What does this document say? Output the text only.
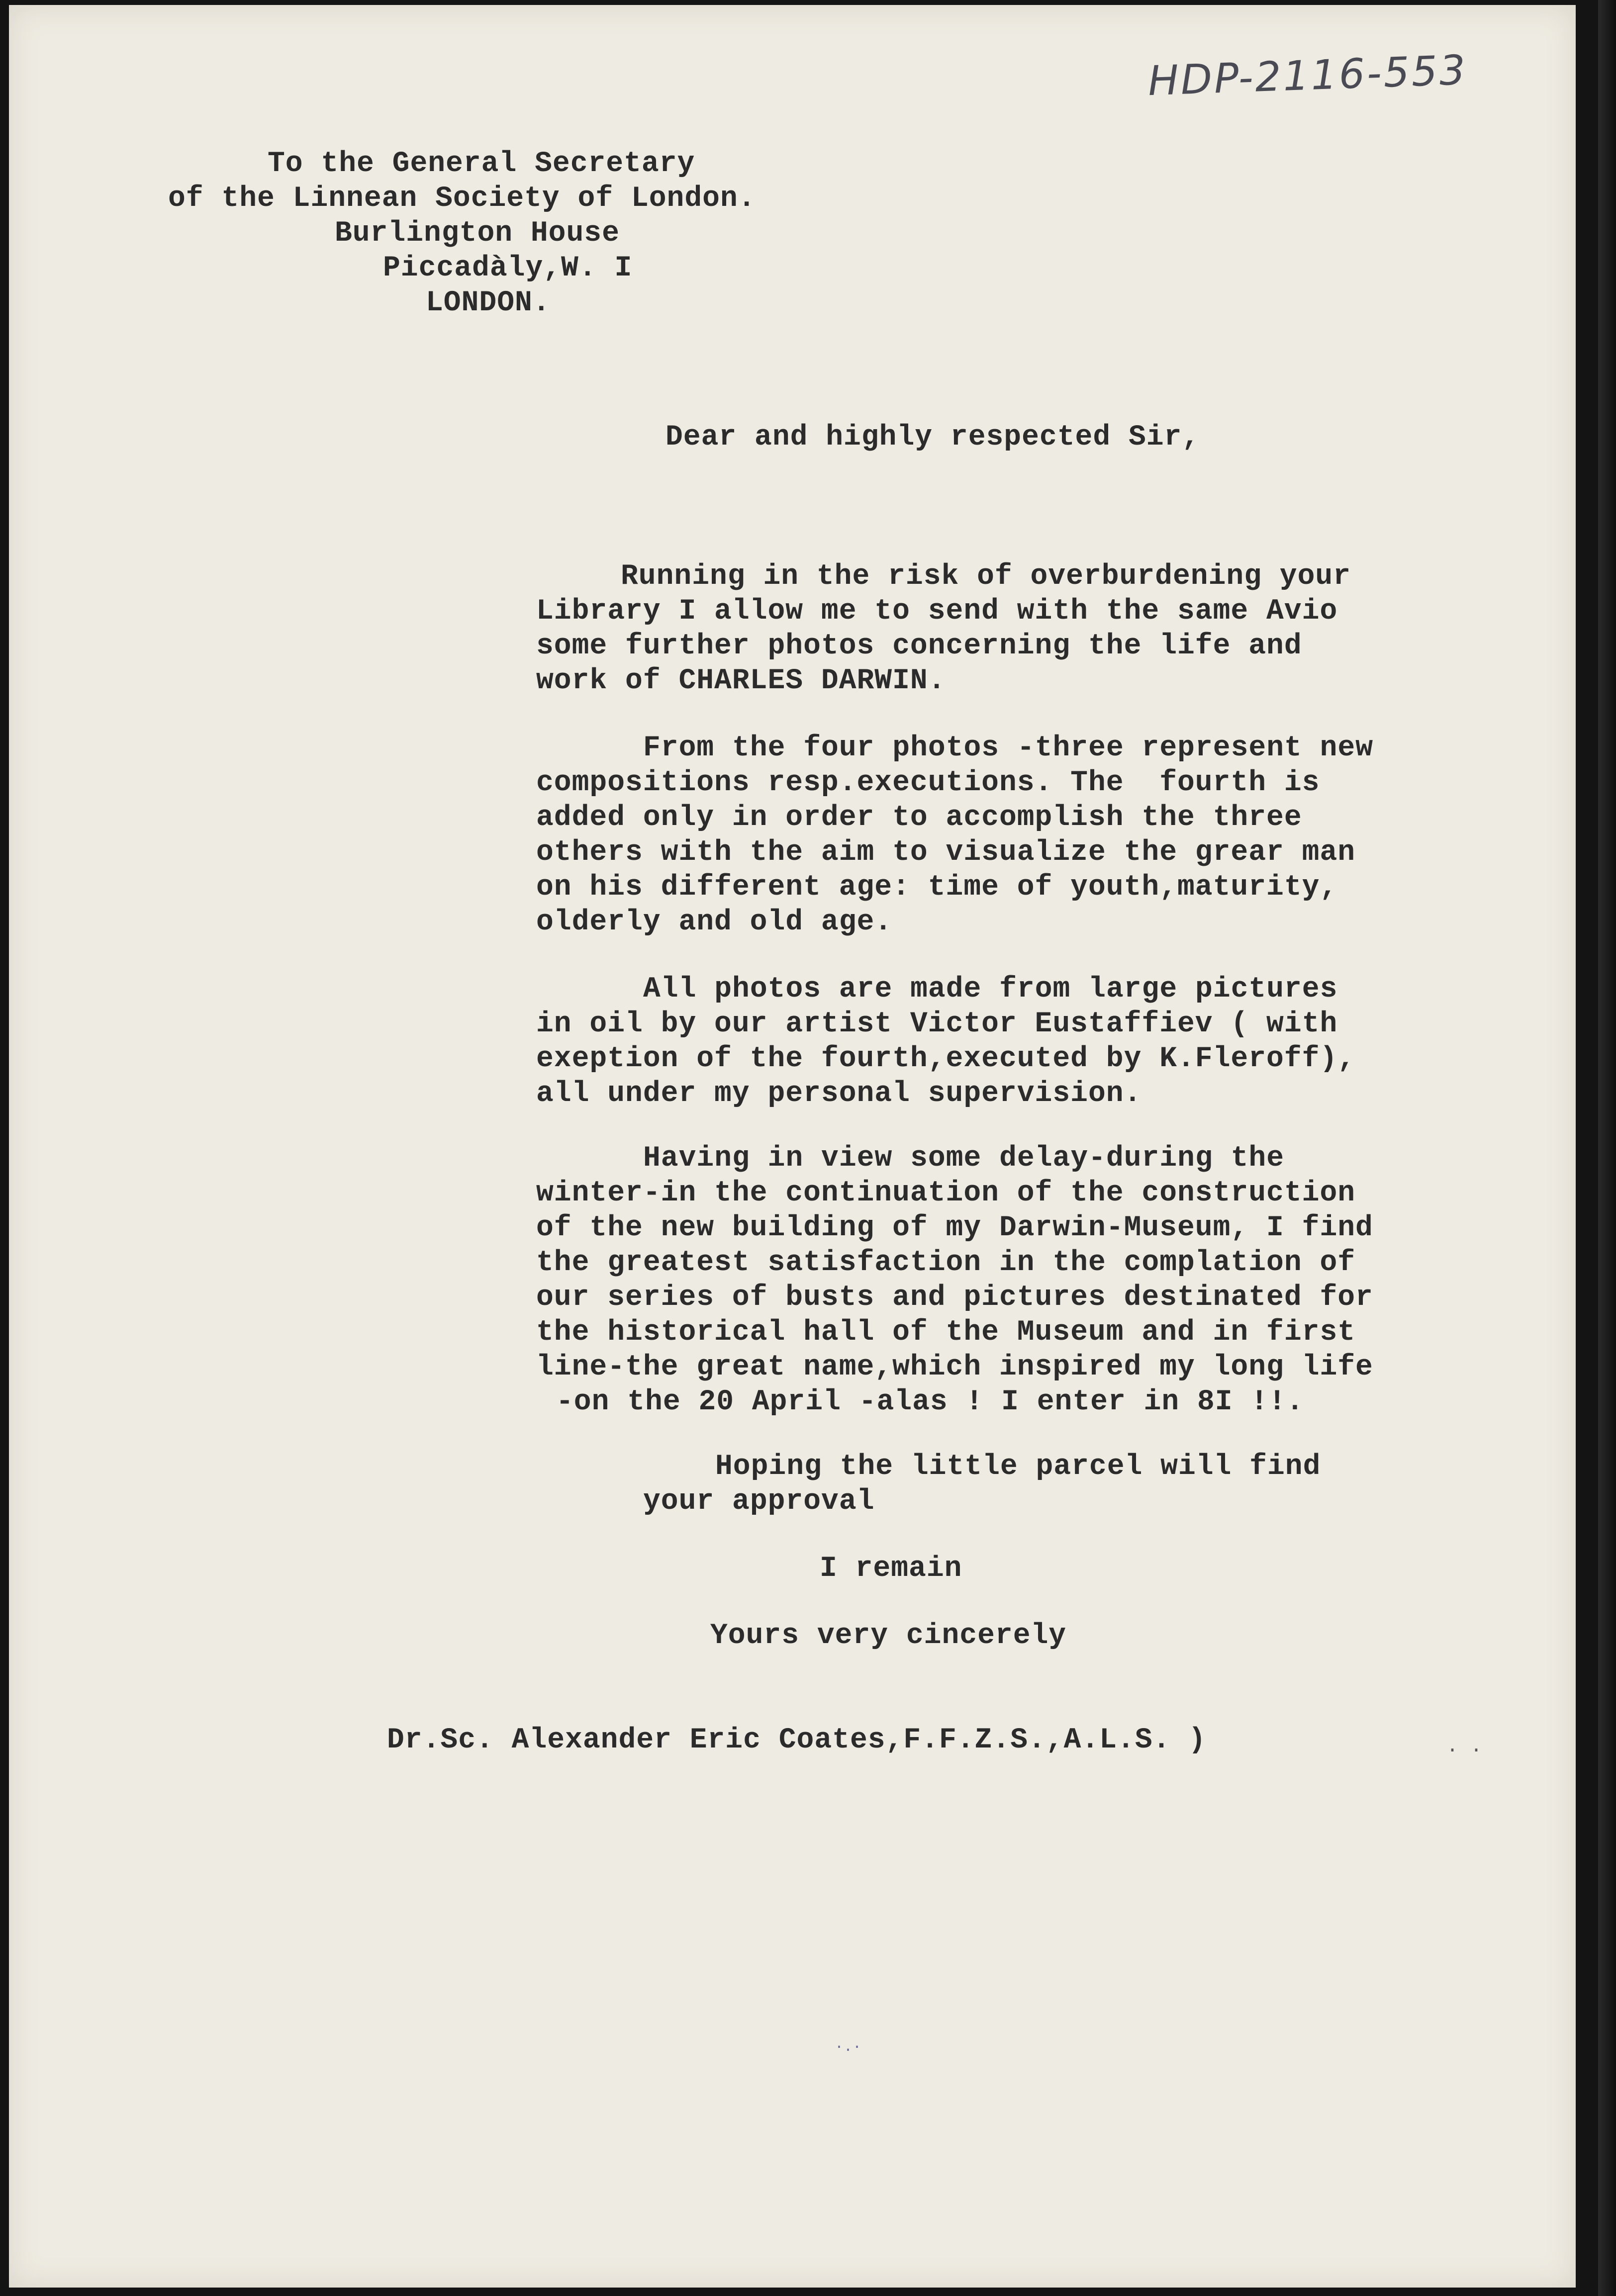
HDP-2116-553
To the General Secretary
of the Linnean Society of London.
Burlington House
Piccadàly,W. I
LONDON.
Dear and highly respected Sir,
Running in the risk of overburdening your
Library I allow me to send with the same Avio
some further photos concerning the life and
work of CHARLES DARWIN.
From the four photos -three represent new
compositions resp.executions. The  fourth is
added only in order to accomplish the three
others with the aim to visualize the grear man
on his different age: time of youth,maturity,
olderly and old age.
All photos are made from large pictures
in oil by our artist Victor Eustaffiev ( with
exeption of the fourth,executed by K.Fleroff),
all under my personal supervision.
Having in view some delay-during the
winter-in the continuation of the construction
of the new building of my Darwin-Museum, I find
the greatest satisfaction in the complation of
our series of busts and pictures destinated for
the historical hall of the Museum and in first
line-the great name,which inspired my long life
-on the 20 April -alas ! I enter in 8I !!.
Hoping the little parcel will find
your approval
I remain
Yours very cincerely
Dr.Sc. Alexander Eric Coates,F.F.Z.S.,A.L.S. )	. .
·.·
